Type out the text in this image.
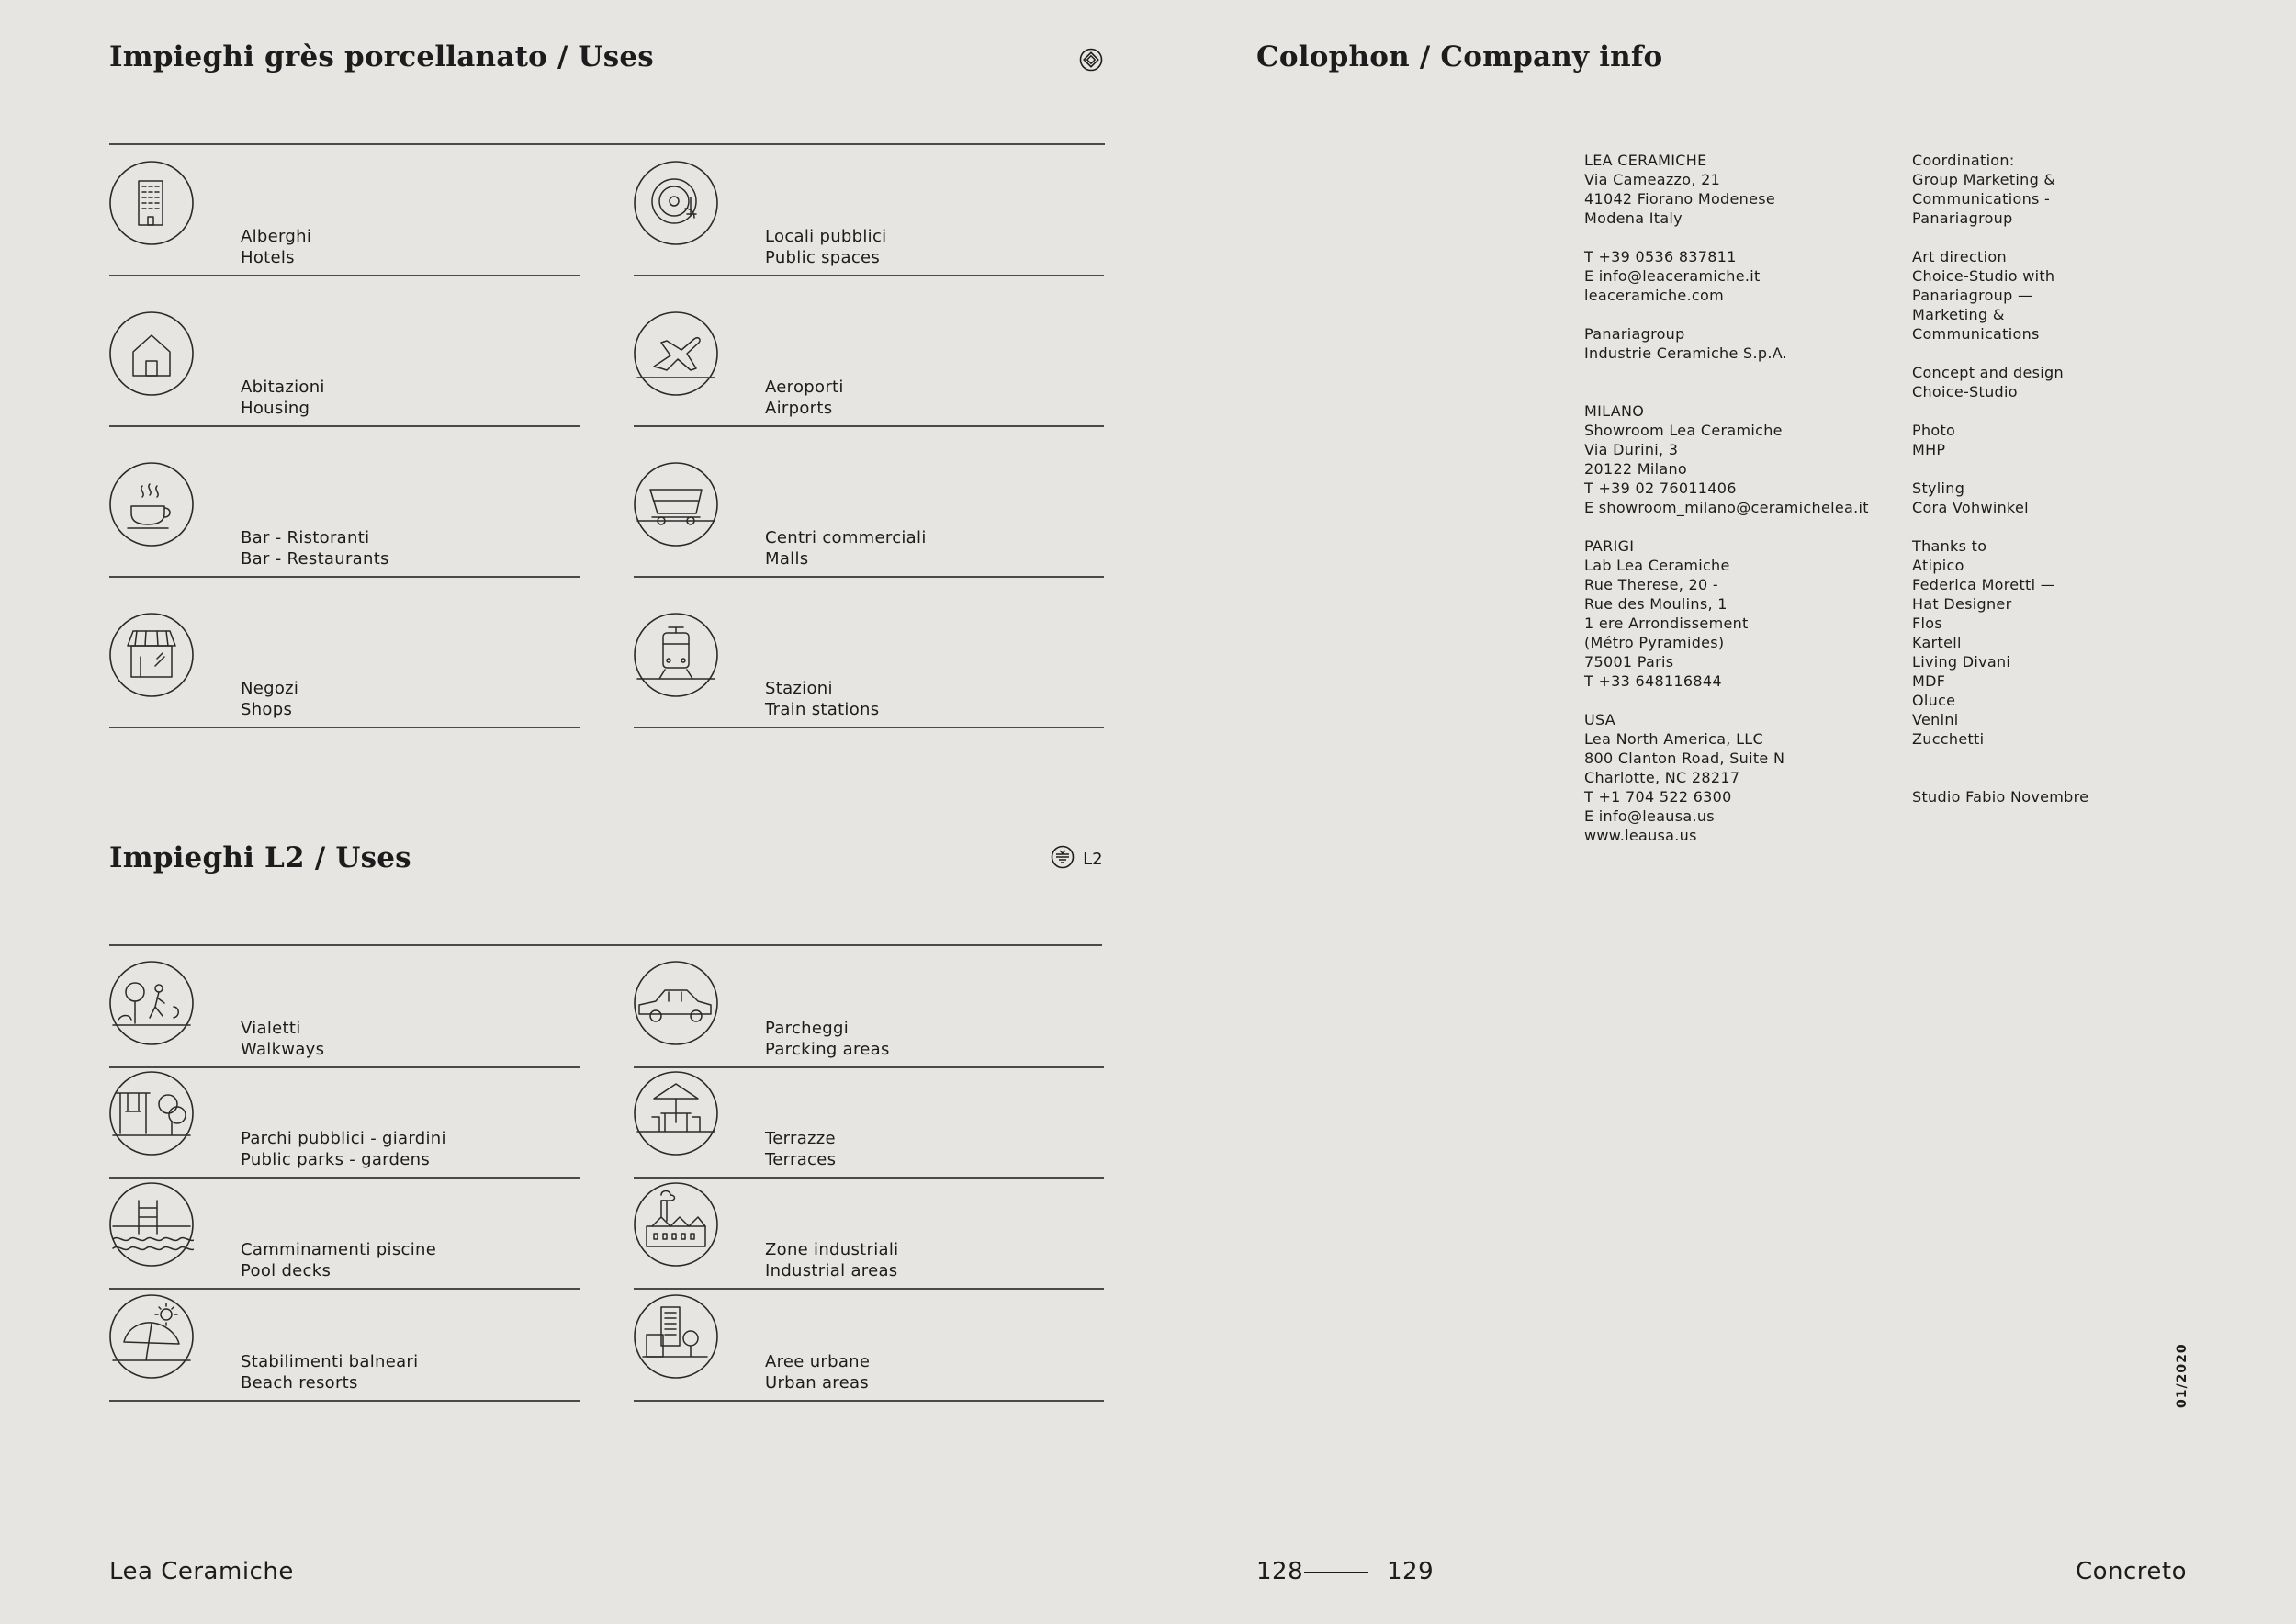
Impieghi grès porcellanato / Uses
Alberghi
Hotels
Locali pubblici
Public spaces
Abitazioni
Housing
Aeroporti
Airports
Bar - Ristoranti
Bar - Restaurants
Centri commerciali
Malls
Negozi
Shops
Stazioni
Train stations
Impieghi L2 / Uses	L2
Vialetti
Walkways
Parcheggi
Parcking areas
Parchi pubblici - giardini
Public parks - gardens
Terrazze
Terraces
Camminamenti piscine
Pool decks
Zone industriali
Industrial areas
Stabilimenti balneari
Beach resorts
Aree urbane
Urban areas
Colophon / Company info
LEA CERAMICHE
Via Cameazzo, 21
41042 Fiorano Modenese
Modena Italy
T +39 0536 837811
E info@leaceramiche.it
leaceramiche.com
Panariagroup
Industrie Ceramiche S.p.A.
MILANO
Showroom Lea Ceramiche
Via Durini, 3
20122 Milano
T +39 02 76011406
E showroom_milano@ceramichelea.it
PARIGI
Lab Lea Ceramiche
Rue Therese, 20 -
Rue des Moulins, 1
1 ere Arrondissement
(Métro Pyramides)
75001 Paris
T +33 648116844
USA
Lea North America, LLC
800 Clanton Road, Suite N
Charlotte, NC 28217
T +1 704 522 6300
E info@leausa.us
www.leausa.us
Coordination:
Group Marketing &
Communications -
Panariagroup
Art direction
Choice-Studio with
Panariagroup —
Marketing &
Communications
Concept and design
Choice-Studio
Photo
MHP
Styling
Cora Vohwinkel
Thanks to
Atipico
Federica Moretti —
Hat Designer
Flos
Kartell
Living Divani
MDF
Oluce
Venini
Zucchetti
Studio Fabio Novembre
01/2020
Lea Ceramiche	128	129	Concreto
